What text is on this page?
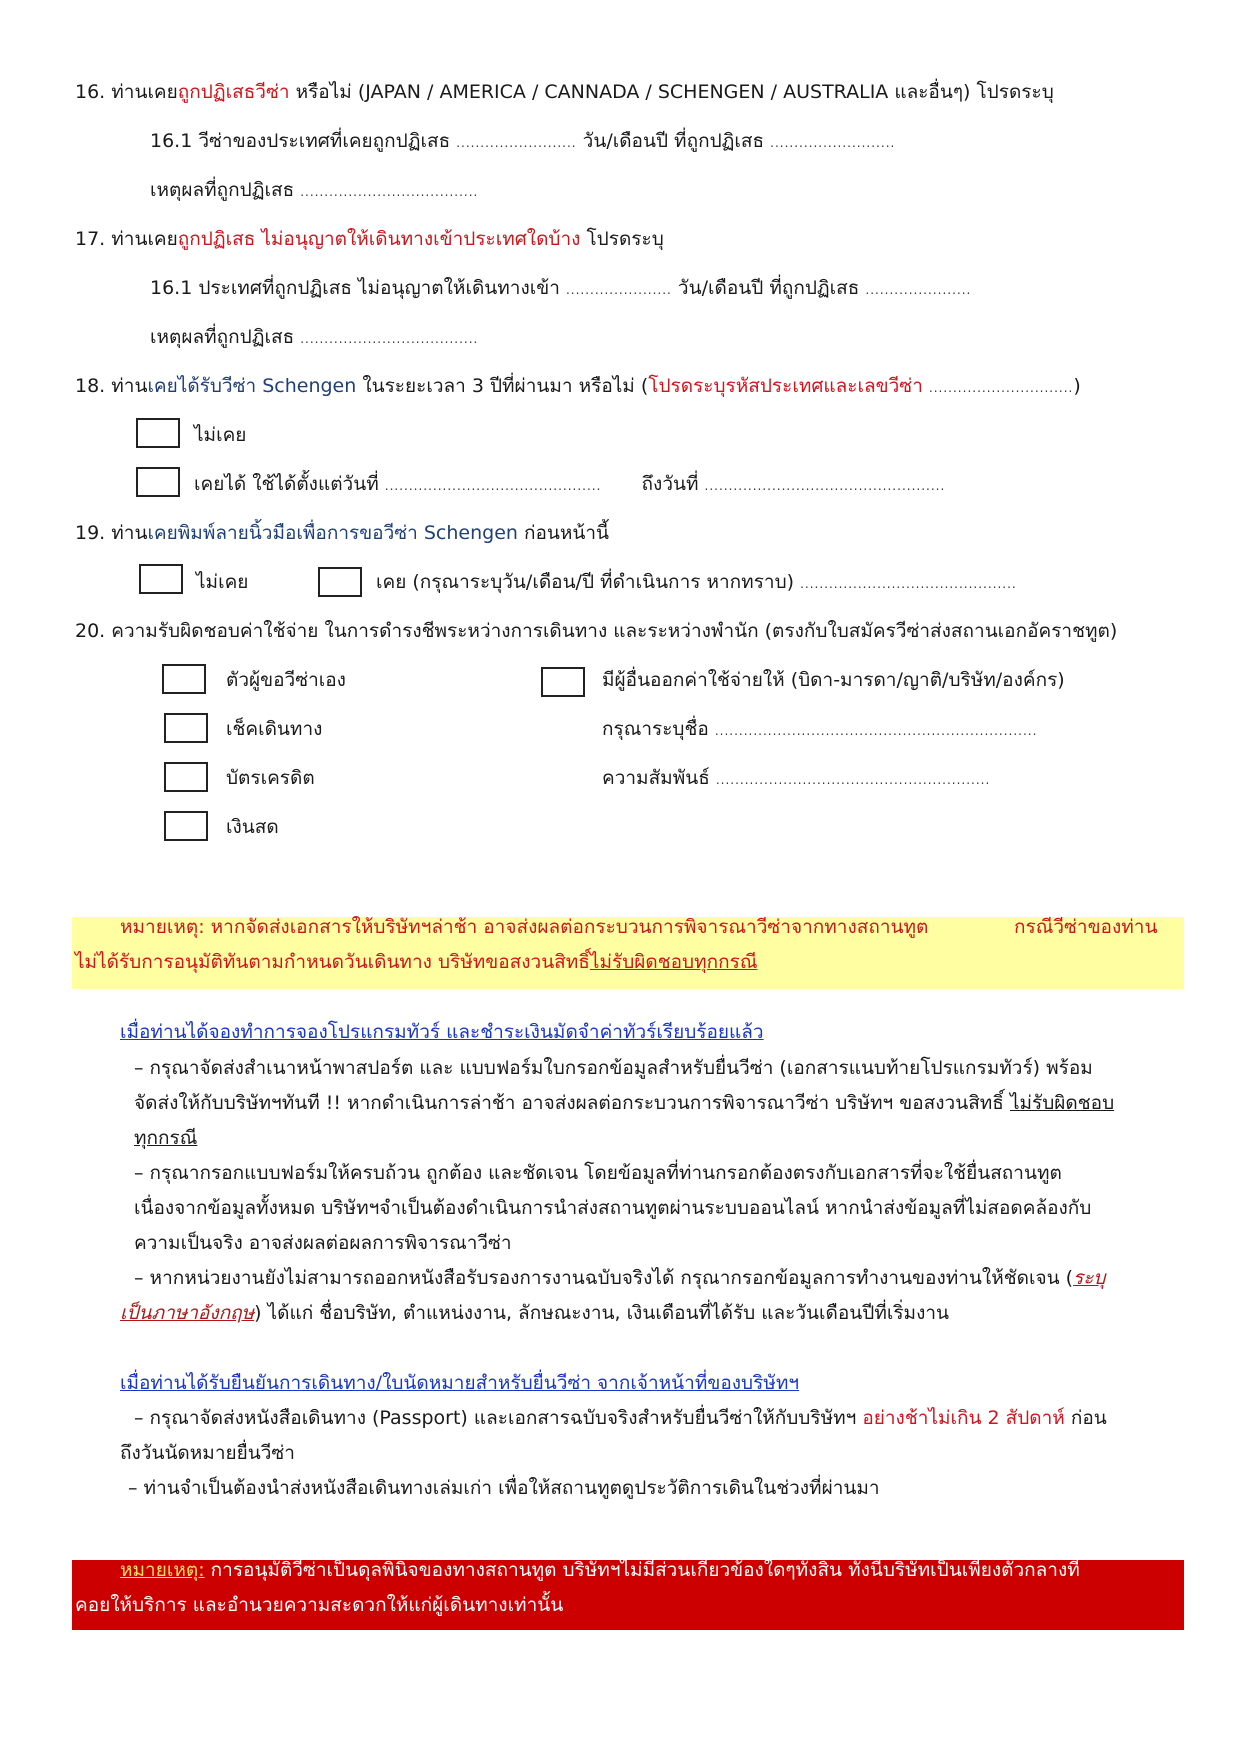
16. ท่านเคยถูกปฏิเสธวีซ่า หรือไม่ (JAPAN / AMERICA / CANNADA / SCHENGEN / AUSTRALIA และอื่นๆ) โปรดระบุ
16.1 วีซ่าของประเทศที่เคยถูกปฏิเสธ ......................... วัน/เดือนปี ที่ถูกปฏิเสธ ..........................
เหตุผลที่ถูกปฏิเสธ .....................................
17. ท่านเคยถูกปฏิเสธ ไม่อนุญาตให้เดินทางเข้าประเทศใดบ้าง โปรดระบุ
16.1 ประเทศที่ถูกปฏิเสธ ไม่อนุญาตให้เดินทางเข้า ...................... วัน/เดือนปี ที่ถูกปฏิเสธ ......................
เหตุผลที่ถูกปฏิเสธ .....................................
18. ท่านเคยได้รับวีซ่า Schengen ในระยะเวลา 3 ปีที่ผ่านมา หรือไม่ (โปรดระบุรหัสประเทศและเลขวีซ่า ..............................)
ไม่เคย
เคยได้ ใช้ได้ตั้งแต่วันที่ ............................................. ถึงวันที่ ..................................................
19. ท่านเคยพิมพ์ลายนิ้วมือเพื่อการขอวีซ่า Schengen ก่อนหน้านี้
ไม่เคย	เคย (กรุณาระบุวัน/เดือน/ปี ที่ดำเนินการ หากทราบ) .............................................
20. ความรับผิดชอบค่าใช้จ่าย ในการดำรงชีพระหว่างการเดินทาง และระหว่างพำนัก (ตรงกับใบสมัครวีซ่าส่งสถานเอกอัคราชทูต)
ตัวผู้ขอวีซ่าเอง	มีผู้อื่นออกค่าใช้จ่ายให้ (บิดา-มารดา/ญาติ/บริษัท/องค์กร)
เช็คเดินทาง	กรุณาระบุชื่อ ...................................................................
บัตรเครดิต	ความสัมพันธ์ .........................................................
เงินสด
หมายเหตุ: หากจัดส่งเอกสารให้บริษัทฯล่าช้า อาจส่งผลต่อกระบวนการพิจารณาวีซ่าจากทางสถานทูต	กรณีวีซ่าของท่าน
ไม่ได้รับการอนุมัติทันตามกำหนดวันเดินทาง บริษัทขอสงวนสิทธิ์ไม่รับผิดชอบทุกกรณี
เมื่อท่านได้จองทำการจองโปรแกรมทัวร์ และชำระเงินมัดจำค่าทัวร์เรียบร้อยแล้ว
– กรุณาจัดส่งสำเนาหน้าพาสปอร์ต และ แบบฟอร์มใบกรอกข้อมูลสำหรับยื่นวีซ่า (เอกสารแนบท้ายโปรแกรมทัวร์) พร้อม
จัดส่งให้กับบริษัทฯทันที !! หากดำเนินการล่าช้า อาจส่งผลต่อกระบวนการพิจารณาวีซ่า บริษัทฯ ขอสงวนสิทธิ์ ไม่รับผิดชอบ
ทุกกรณี
– กรุณากรอกแบบฟอร์มให้ครบถ้วน ถูกต้อง และชัดเจน โดยข้อมูลที่ท่านกรอกต้องตรงกับเอกสารที่จะใช้ยื่นสถานทูต
เนื่องจากข้อมูลทั้งหมด บริษัทฯจำเป็นต้องดำเนินการนำส่งสถานทูตผ่านระบบออนไลน์ หากนำส่งข้อมูลที่ไม่สอดคล้องกับ
ความเป็นจริง อาจส่งผลต่อผลการพิจารณาวีซ่า
– หากหน่วยงานยังไม่สามารถออกหนังสือรับรองการงานฉบับจริงได้ กรุณากรอกข้อมูลการทำงานของท่านให้ชัดเจน (ระบุ
เป็นภาษาอังกฤษ) ได้แก่ ชื่อบริษัท, ตำแหน่งงาน, ลักษณะงาน, เงินเดือนที่ได้รับ และวันเดือนปีที่เริ่มงาน
เมื่อท่านได้รับยืนยันการเดินทาง/ใบนัดหมายสำหรับยื่นวีซ่า จากเจ้าหน้าที่ของบริษัทฯ
– กรุณาจัดส่งหนังสือเดินทาง (Passport) และเอกสารฉบับจริงสำหรับยื่นวีซ่าให้กับบริษัทฯ อย่างช้าไม่เกิน 2 สัปดาห์ ก่อน
ถึงวันนัดหมายยื่นวีซ่า
– ท่านจำเป็นต้องนำส่งหนังสือเดินทางเล่มเก่า เพื่อให้สถานทูตดูประวัติการเดินในช่วงที่ผ่านมา
หมายเหตุ: การอนุมัติวีซ่าเป็นดุลพินิจของทางสถานทูต บริษัทฯไม่มีส่วนเกี่ยวข้องใดๆทั้งสิ้น ทั้งนี้บริษัทเป็นเพียงตัวกลางที่
คอยให้บริการ และอำนวยความสะดวกให้แก่ผู้เดินทางเท่านั้น
